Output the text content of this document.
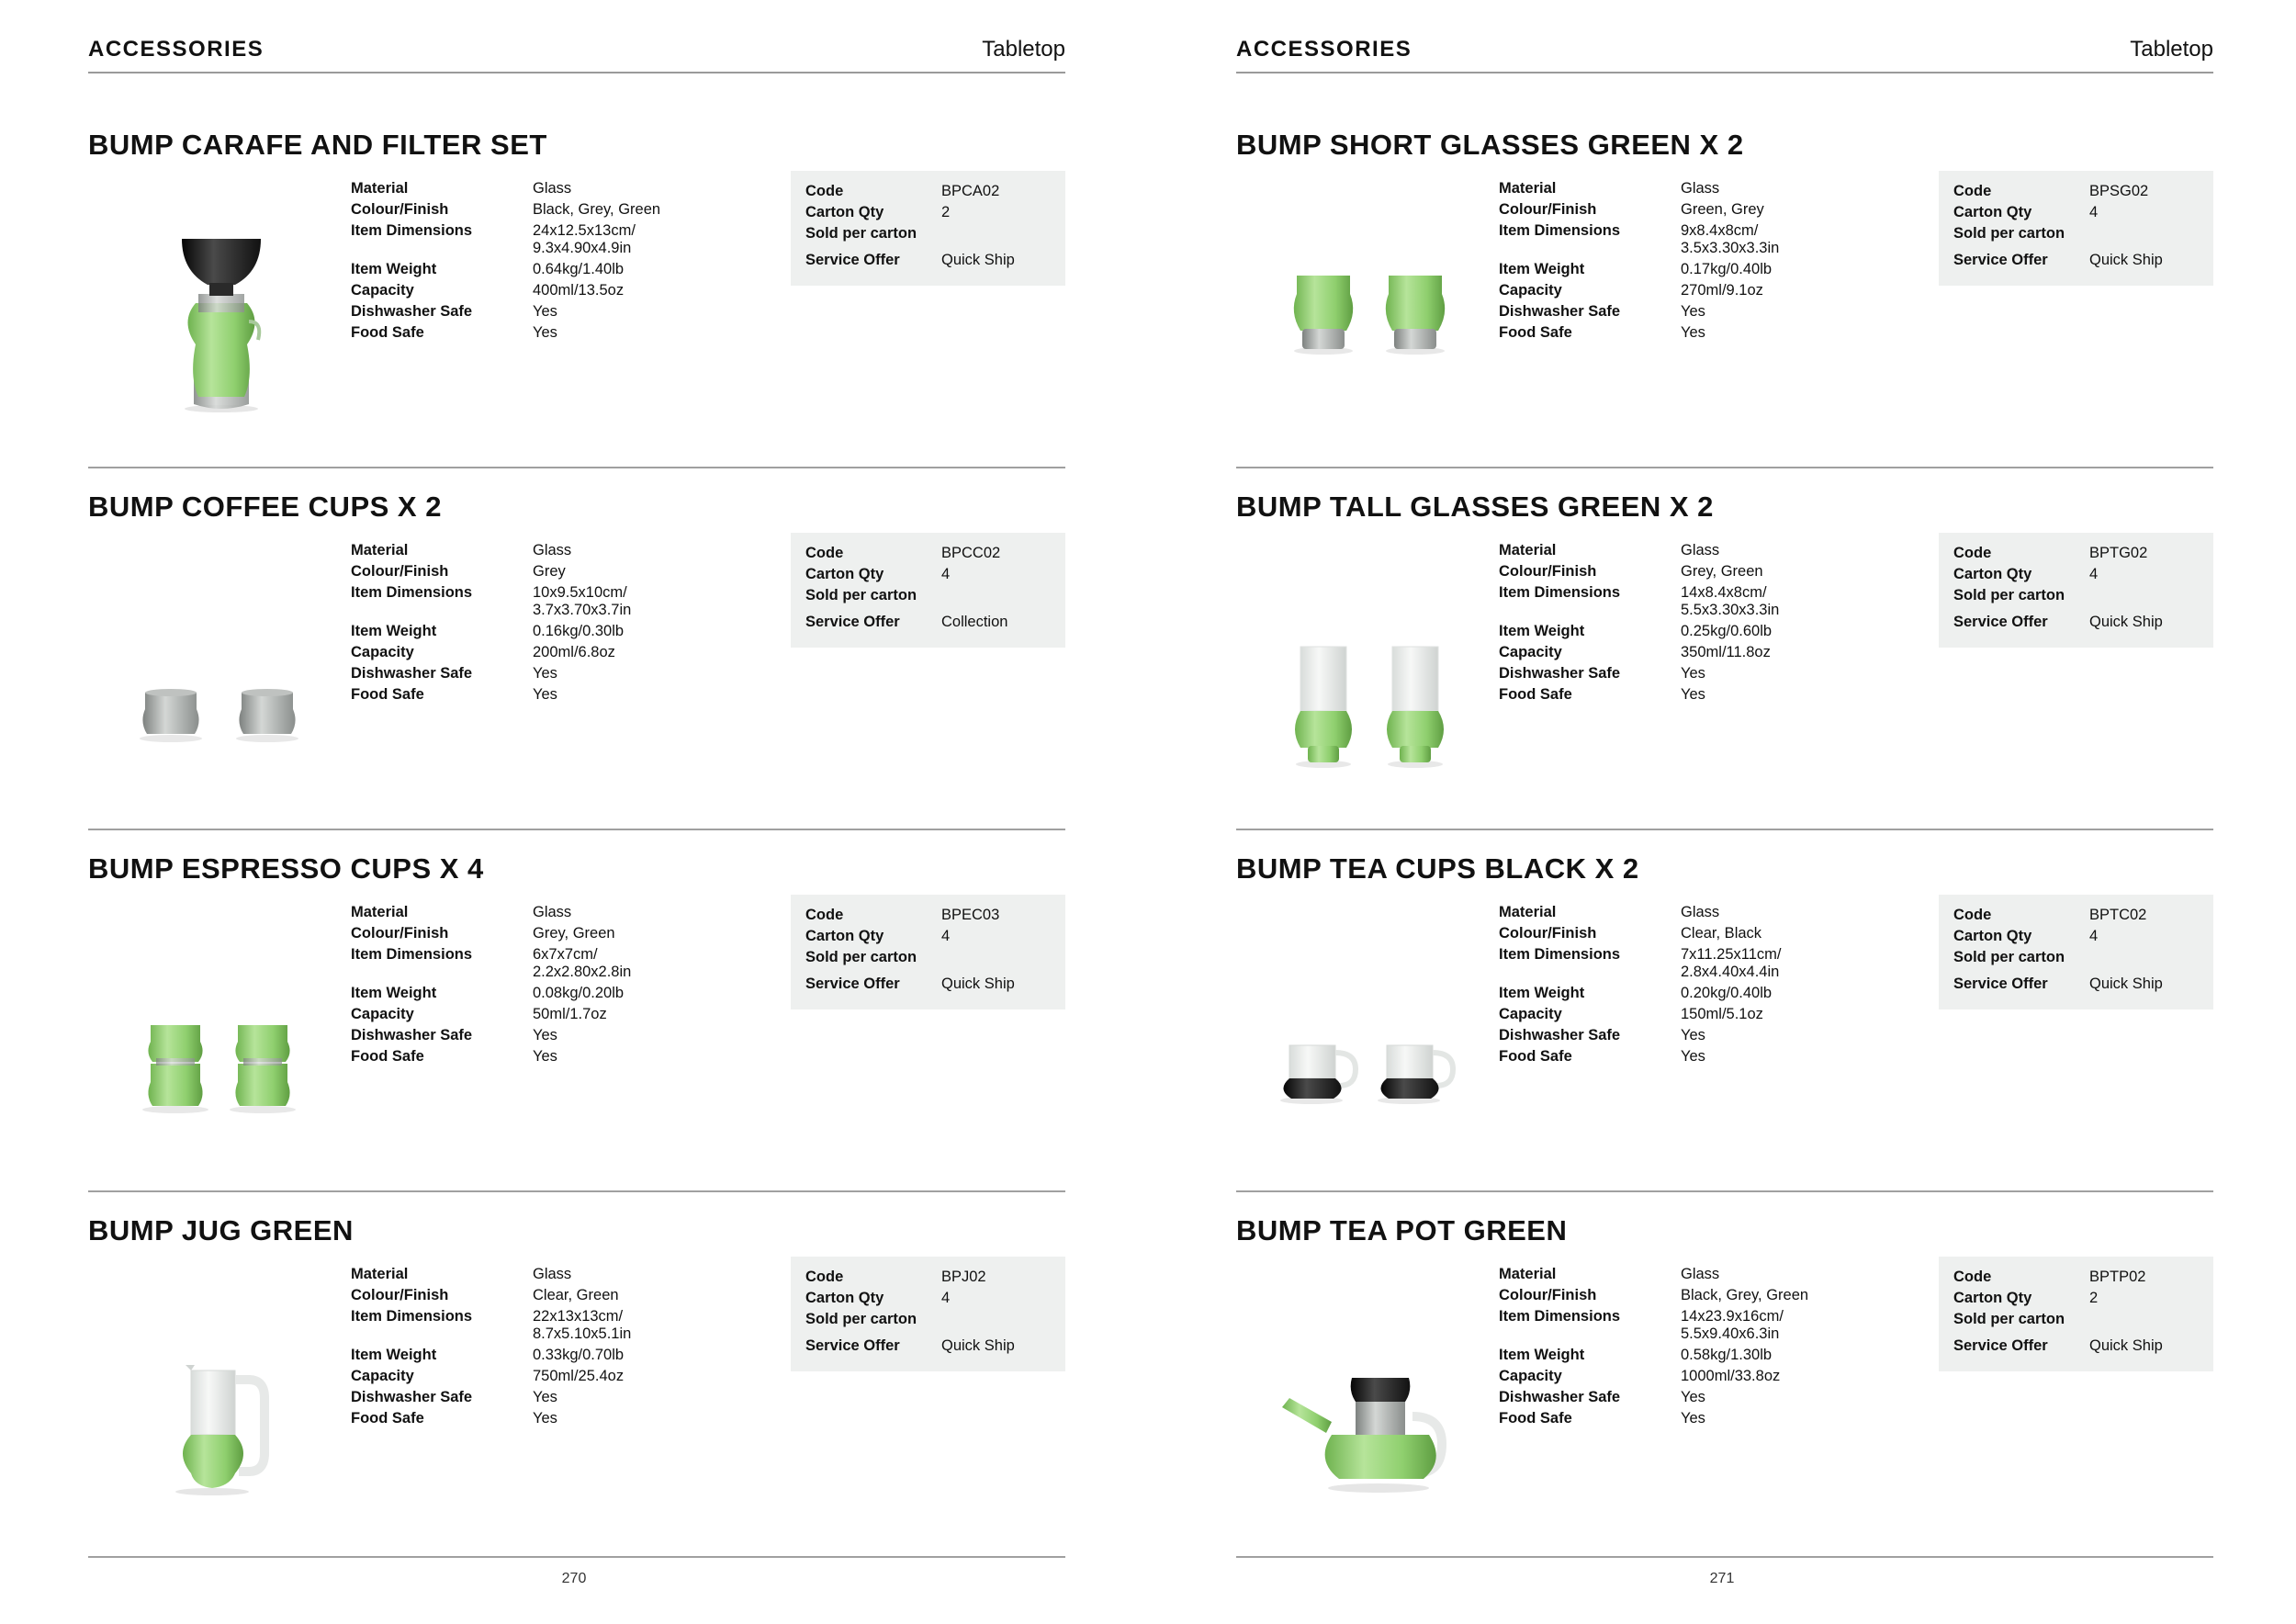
ACCESSORIES	Tabletop
BUMP CARAFE AND FILTER SET
Material	Glass
Colour/Finish	Black, Grey, Green
Item Dimensions	24x12.5x13cm/
9.3x4.90x4.9in
Item Weight	0.64kg/1.40lb
Capacity	400ml/13.5oz
Dishwasher Safe	Yes
Food Safe	Yes
Code	BPCA02
Carton Qty	2
Sold per carton
Service Offer	Quick Ship
BUMP COFFEE CUPS X 2
Material	Glass
Colour/Finish	Grey
Item Dimensions	10x9.5x10cm/
3.7x3.70x3.7in
Item Weight	0.16kg/0.30lb
Capacity	200ml/6.8oz
Dishwasher Safe	Yes
Food Safe	Yes
Code	BPCC02
Carton Qty	4
Sold per carton
Service Offer	Collection
BUMP ESPRESSO CUPS X 4
Material	Glass
Colour/Finish	Grey, Green
Item Dimensions	6x7x7cm/
2.2x2.80x2.8in
Item Weight	0.08kg/0.20lb
Capacity	50ml/1.7oz
Dishwasher Safe	Yes
Food Safe	Yes
Code	BPEC03
Carton Qty	4
Sold per carton
Service Offer	Quick Ship
BUMP JUG GREEN
Material	Glass
Colour/Finish	Clear, Green
Item Dimensions	22x13x13cm/
8.7x5.10x5.1in
Item Weight	0.33kg/0.70lb
Capacity	750ml/25.4oz
Dishwasher Safe	Yes
Food Safe	Yes
Code	BPJ02
Carton Qty	4
Sold per carton
Service Offer	Quick Ship
270
ACCESSORIES	Tabletop
BUMP SHORT GLASSES GREEN X 2
Material	Glass
Colour/Finish	Green, Grey
Item Dimensions	9x8.4x8cm/
3.5x3.30x3.3in
Item Weight	0.17kg/0.40lb
Capacity	270ml/9.1oz
Dishwasher Safe	Yes
Food Safe	Yes
Code	BPSG02
Carton Qty	4
Sold per carton
Service Offer	Quick Ship
BUMP TALL GLASSES GREEN X 2
Material	Glass
Colour/Finish	Grey, Green
Item Dimensions	14x8.4x8cm/
5.5x3.30x3.3in
Item Weight	0.25kg/0.60lb
Capacity	350ml/11.8oz
Dishwasher Safe	Yes
Food Safe	Yes
Code	BPTG02
Carton Qty	4
Sold per carton
Service Offer	Quick Ship
BUMP TEA CUPS BLACK X 2
Material	Glass
Colour/Finish	Clear, Black
Item Dimensions	7x11.25x11cm/
2.8x4.40x4.4in
Item Weight	0.20kg/0.40lb
Capacity	150ml/5.1oz
Dishwasher Safe	Yes
Food Safe	Yes
Code	BPTC02
Carton Qty	4
Sold per carton
Service Offer	Quick Ship
BUMP TEA POT GREEN
Material	Glass
Colour/Finish	Black, Grey, Green
Item Dimensions	14x23.9x16cm/
5.5x9.40x6.3in
Item Weight	0.58kg/1.30lb
Capacity	1000ml/33.8oz
Dishwasher Safe	Yes
Food Safe	Yes
Code	BPTP02
Carton Qty	2
Sold per carton
Service Offer	Quick Ship
271
